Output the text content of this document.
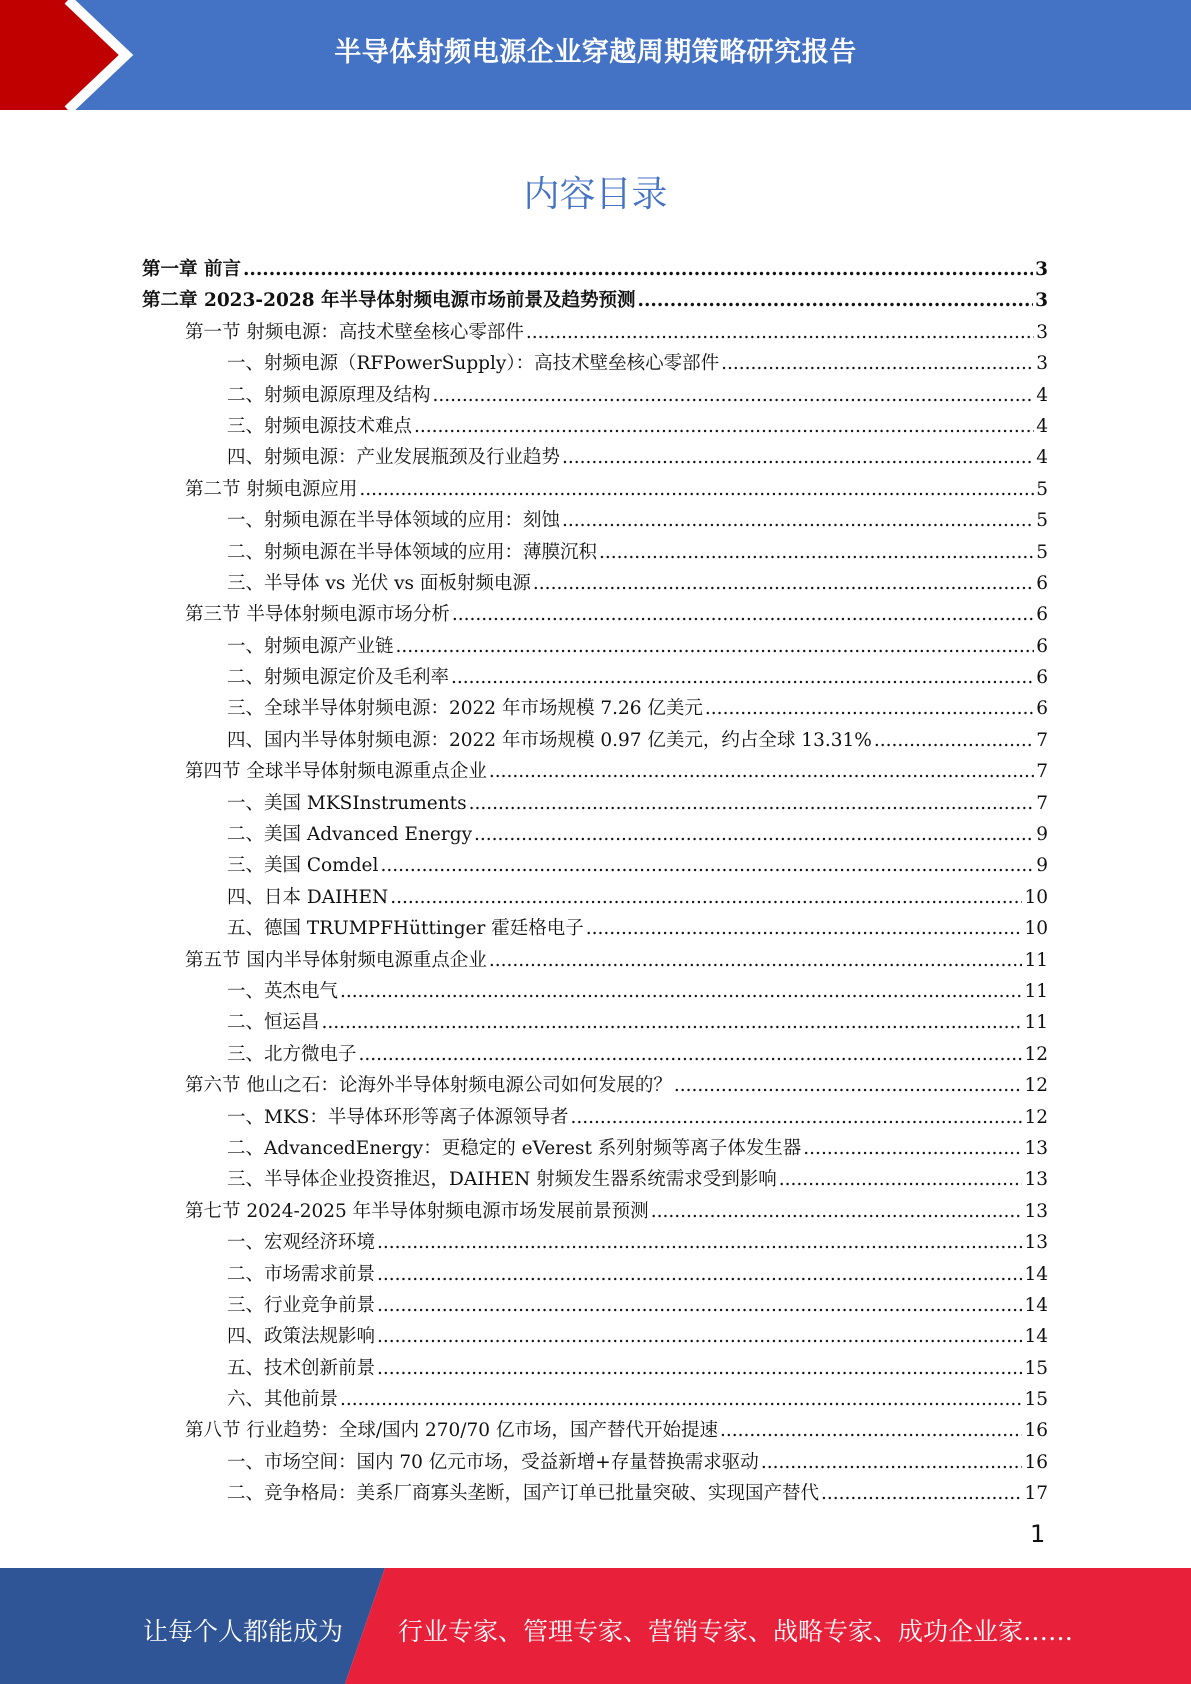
半导体射频电源企业穿越周期策略研究报告
内容目录
第一章 前言 .....	3
第二章 2023-2028 年半导体射频电源市场前景及趋势预测 .....	3
第一节 射频电源：高技术壁垒核心零部件 .....	3
一、射频电源（RFPowerSupply）：高技术壁垒核心零部件 .....	3
二、射频电源原理及结构 .....	4
三、射频电源技术难点 .....	4
四、射频电源：产业发展瓶颈及行业趋势 .....	4
第二节 射频电源应用 .....	5
一、射频电源在半导体领域的应用：刻蚀 .....	5
二、射频电源在半导体领域的应用：薄膜沉积 .....	5
三、半导体 vs 光伏 vs 面板射频电源 .....	6
第三节 半导体射频电源市场分析 .....	6
一、射频电源产业链 .....	6
二、射频电源定价及毛利率 .....	6
三、全球半导体射频电源：2022 年市场规模 7.26 亿美元 .....	6
四、国内半导体射频电源：2022 年市场规模 0.97 亿美元，约占全球 13.31% .....	7
第四节 全球半导体射频电源重点企业 .....	7
一、美国 MKSInstruments .....	7
二、美国 Advanced Energy .....	9
三、美国 Comdel .....	9
四、日本 DAIHEN .....	10
五、德国 TRUMPFHüttinger 霍廷格电子 .....	10
第五节 国内半导体射频电源重点企业 .....	11
一、英杰电气 .....	11
二、恒运昌 .....	11
三、北方微电子 .....	12
第六节 他山之石：论海外半导体射频电源公司如何发展的？ .....	12
一、MKS：半导体环形等离子体源领导者 .....	12
二、AdvancedEnergy：更稳定的 eVerest 系列射频等离子体发生器 .....	13
三、半导体企业投资推迟，DAIHEN 射频发生器系统需求受到影响 .....	13
第七节 2024-2025 年半导体射频电源市场发展前景预测 .....	13
一、宏观经济环境 .....	13
二、市场需求前景 .....	14
三、行业竞争前景 .....	14
四、政策法规影响 .....	14
五、技术创新前景 .....	15
六、其他前景 .....	15
第八节 行业趋势：全球/国内 270/70 亿市场，国产替代开始提速 .....	16
一、市场空间：国内 70 亿元市场，受益新增+存量替换需求驱动 .....	16
二、竞争格局：美系厂商寡头垄断，国产订单已批量突破、实现国产替代 .....	17
1
让每个人都能成为 行业专家、管理专家、营销专家、战略专家、成功企业家……
